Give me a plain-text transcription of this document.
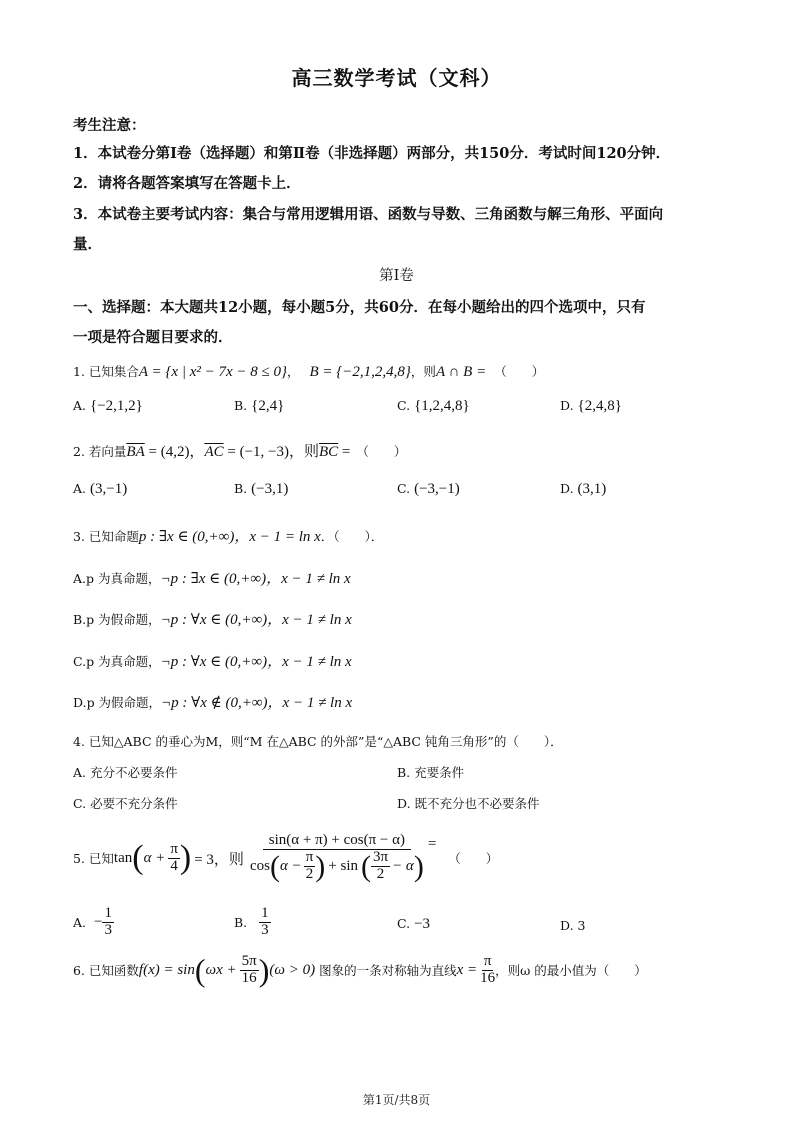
高三数学考试（文科）
考生注意：
1．本试卷分第Ⅰ卷（选择题）和第Ⅱ卷（非选择题）两部分，共150分．考试时间120分钟．
2．请将各题答案填写在答题卡上．
3．本试卷主要考试内容：集合与常用逻辑用语、函数与导数、三角函数与解三角形、平面向
量．
第Ⅰ卷
一、选择题：本大题共12小题，每小题5分，共60分．在每小题给出的四个选项中，只有
一项是符合题目要求的．
1. 已知集合A = {x | x² − 7x − 8 ≤ 0}， B = {−2,1,2,4,8}，则A ∩ B = （　　）
A. {−2,1,2}	B. {2,4}	C. {1,2,4,8}	D. {2,4,8}
2. 若向量$\overline{BA} = (4,2)$，$\overline{AC} = (-1$, −3)，则$\overline{BC}$ = （　　）
A. (3,−1)	B. (−3,1)	C. (−3,−1)	D. (3,1)
3. 已知命题p : ∃x ∈ (0,+∞)，x − 1 = ln x．（　　）．
A.p 为真命题，¬p : ∃x ∈ (0,+∞)，x − 1 ≠ ln x
B.p 为假命题，¬p : ∀x ∈ (0,+∞)，x − 1 ≠ ln x
C.p 为真命题，¬p : ∀x ∈ (0,+∞)，x − 1 ≠ ln x
D.p 为假命题，¬p : ∀x ∉ (0,+∞)，x − 1 ≠ ln x
4. 已知△ABC 的垂心为M，则“M 在△ABC 的外部”是“△ABC 钝角三角形”的（　　）．
A. 充分不必要条件	B. 充要条件
C. 必要不充分条件	D. 既不充分也不必要条件
5. 已知 tan ( $\alpha + \frac{\pi}{4}$ ) = 3，则 $\frac{\sin(\alpha + \pi) + \cos(\pi - \alpha)}{\cos ( \alpha - \frac{\pi}{2} ) + \sin ( \frac{3\pi}{2} - \alpha )}$ =
（　　）
A. − $\frac{1}{3}$	B. $\frac{1}{3}$	C. −3	D. 3
6. 已知函数 f(x) = sin ( $\omega x + \frac{5\pi}{16}$ ) (ω > 0) 图象的一条对称轴为直线 $x = \frac{\pi}{16}$ ，则ω 的最小值为（　　）
第1页/共8页
